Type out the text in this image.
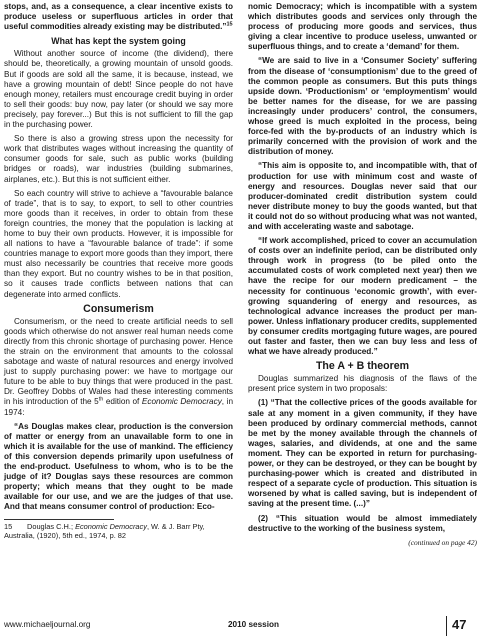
stops, and, as a consequence, a clear incentive exists to produce useless or superfluous articles in order that useful commodities already existing may be distributed.”$^{15}$

What has kept the system going

Without another source of income (the dividend), there should be, theoretically, a growing mountain of unsold goods. But if goods are sold all the same, it is because, instead, we have a growing mountain of debt! Since people do not have enough money, retailers must encourage credit buying in order to sell their goods: buy now, pay later (or should we say more precisely, pay forever...) But this is not sufficient to fill the gap in the purchasing power.

So there is also a growing stress upon the necessity for work that distributes wages without increasing the quantity of consumer goods for sale, such as public works (building bridges or roads), war industries (building submarines, airplanes, etc.). But this is not sufficient either.

So each country will strive to achieve a “favourable balance of trade”, that is to say, to export, to sell to other countries more goods than it receives, in order to obtain from these foreign countries, the money that the population is lacking at home to buy their own products. However, it is impossible for all nations to have a “favourable balance of trade”: if some countries manage to export more goods than they import, there must also necessarily be countries that receive more goods than they export. But no country wishes to be in that position, so it causes trade conflicts between nations that can degenerate into armed conflicts.

Consumerism

Consumerism, or the need to create artificial needs to sell goods which otherwise do not answer real human needs come directly from this chronic shortage of purchasing power. Hence the strain on the environment that amounts to the colossal sabotage and waste of natural resources and energy involved just to supply purchasing power: we have to mortgage our future to be able to buy things that were produced in the past. Dr. Geoffrey Dobbs of Wales had these interesting comments in his introduction of the 5th edition of Economic Democracy, in 1974:

“As Douglas makes clear, production is the conversion of matter or energy from an unavailable form to one in which it is available for the use of mankind. The efficiency of this conversion depends primarily upon usefulness of the end-product. Usefulness to whom, who is to be the judge of it? Douglas says these resources are common property; which means that they ought to be made available for our use, and we are the judges of that use. And that means consumer control of production: Eco-

15  Douglas C.H.; Economic Democracy, W. & J. Barr Pty, Australia, (1920), 5th ed., 1974, p. 82

nomic Democracy; which is incompatible with a system which distributes goods and services only through the process of producing more goods and services, thus giving a clear incentive to produce useless, unwanted or superfluous things, and to create a ‘demand’ for them.

“We are said to live in a ‘Consumer Society’ suffering from the disease of ‘consumptionism’ due to the greed of the common people as consumers. But this puts things upside down. ‘Productionism’ or ‘employmentism’ would be better names for the disease, for we are passing increasingly under producers’ control, the consumers, whose greed is much exploited in the process, being force-fed with the by-products of an industry which is primarily concerned with the provision of work and the distribution of money.

“This aim is opposite to, and incompatible with, that of production for use with minimum cost and waste of energy and resources. Douglas never said that our producer-dominated credit distribution system could never distribute money to buy the goods wanted, but that it could not do so without producing what was not wanted, and with accelerating waste and sabotage.

“If work accomplished, priced to cover an accumulation of costs over an indefinite period, can be distributed only through work in progress (to be piled onto the accumulated costs of work completed next year) then we have the recipe for our modern predicament – the necessity for continuous ‘economic growth’, with ever-growing squandering of energy and resources, as technological advance increases the product per man-power. Unless inflationary producer credits, supplemented by consumer credits mortgaging future wages, are poured out faster and faster, then we can buy less and less of what we have already produced.”

The A + B theorem

Douglas summarized his diagnosis of the flaws of the present price system in two proposals:

(1) “That the collective prices of the goods available for sale at any moment in a given community, if they have been produced by ordinary commercial methods, cannot be met by the money available through the channels of wages, salaries, and dividends, at one and the same moment. They can be exported in return for purchasing-power, or they can be destroyed, or they can be bought by purchasing-power which is created and distributed in respect of a separate cycle of production. This situation is worsened by what is called saving, but is independent of saving at the present time. (...)”

(2) “This situation would be almost immediately destructive to the working of the business system,

(continued on page 42)
www.michaeljournal.org	2010 session	47
